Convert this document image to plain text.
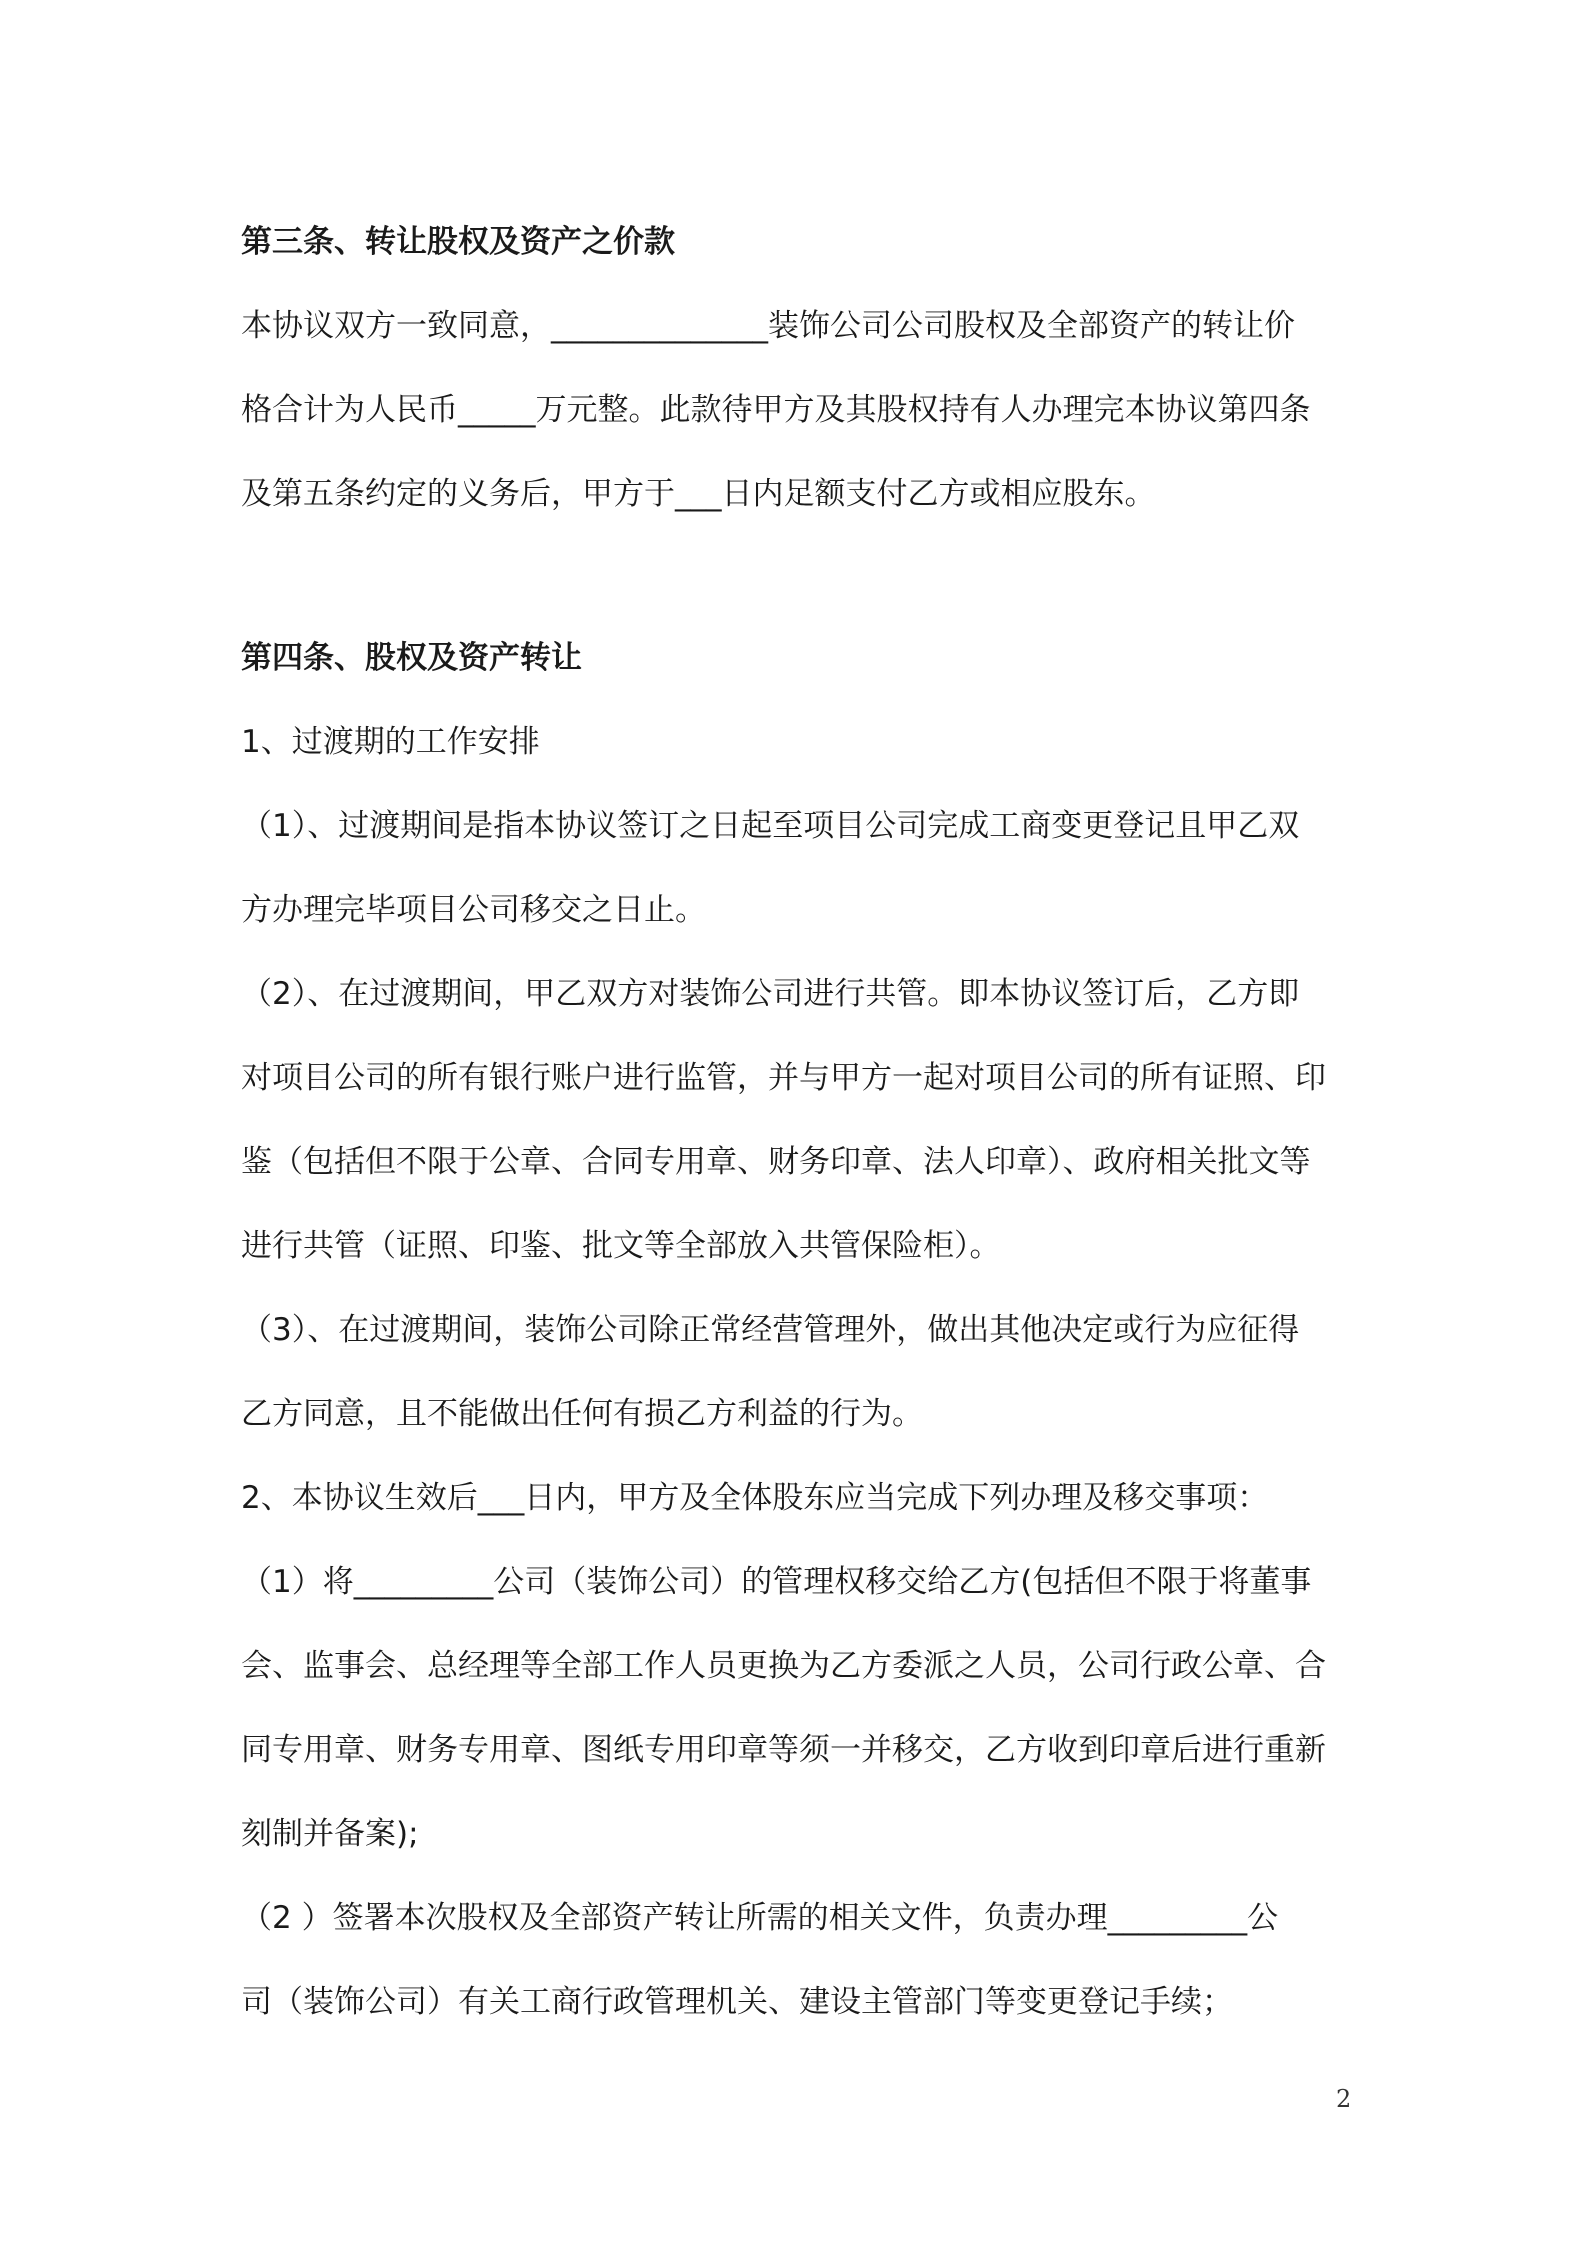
第三条、转让股权及资产之价款

本协议双方一致同意，______________装饰公司公司股权及全部资产的转让价
格合计为人民币_____万元整。此款待甲方及其股权持有人办理完本协议第四条
及第五条约定的义务后，甲方于___日内足额支付乙方或相应股东。

第四条、股权及资产转让

1、过渡期的工作安排
（1）、过渡期间是指本协议签订之日起至项目公司完成工商变更登记且甲乙双
方办理完毕项目公司移交之日止。
（2）、在过渡期间，甲乙双方对装饰公司进行共管。即本协议签订后，乙方即
对项目公司的所有银行账户进行监管，并与甲方一起对项目公司的所有证照、印
鉴（包括但不限于公章、合同专用章、财务印章、法人印章）、政府相关批文等
进行共管（证照、印鉴、批文等全部放入共管保险柜）。
（3）、在过渡期间，装饰公司除正常经营管理外，做出其他决定或行为应征得
乙方同意，且不能做出任何有损乙方利益的行为。
2、本协议生效后___日内，甲方及全体股东应当完成下列办理及移交事项：
（1）将_________公司（装饰公司）的管理权移交给乙方(包括但不限于将董事
会、监事会、总经理等全部工作人员更换为乙方委派之人员，公司行政公章、合
同专用章、财务专用章、图纸专用印章等须一并移交，乙方收到印章后进行重新
刻制并备案);
（2 ）签署本次股权及全部资产转让所需的相关文件，负责办理_________公
司（装饰公司）有关工商行政管理机关、建设主管部门等变更登记手续；
2
